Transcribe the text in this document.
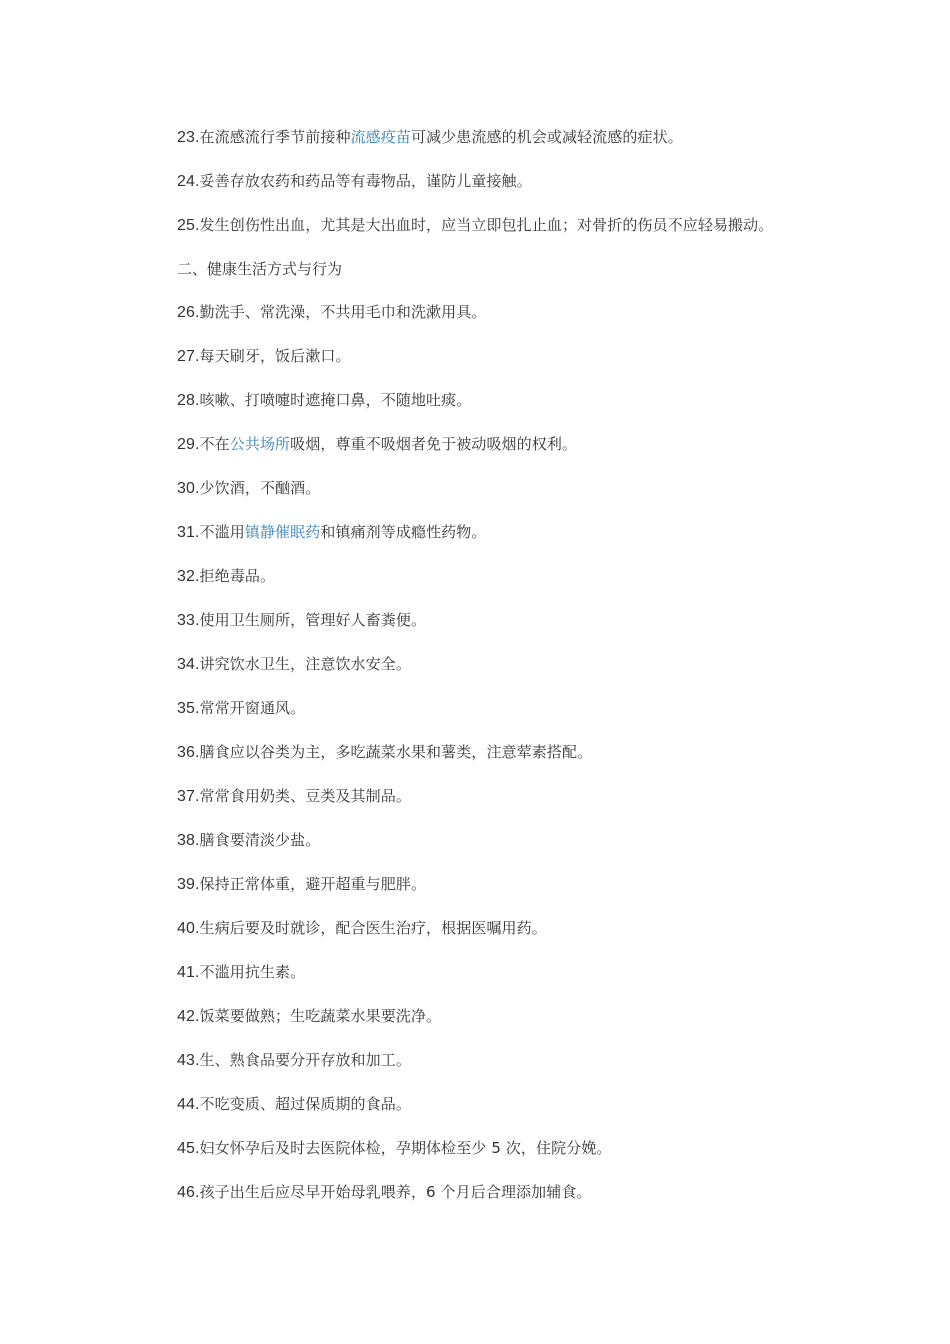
23.在流感流行季节前接种流感疫苗可减少患流感的机会或减轻流感的症状。

24.妥善存放农药和药品等有毒物品，谨防儿童接触。

25.发生创伤性出血，尤其是大出血时，应当立即包扎止血；对骨折的伤员不应轻易搬动。

二、健康生活方式与行为

26.勤洗手、常洗澡，不共用毛巾和洗漱用具。

27.每天刷牙，饭后漱口。

28.咳嗽、打喷嚏时遮掩口鼻，不随地吐痰。

29.不在公共场所吸烟，尊重不吸烟者免于被动吸烟的权利。

30.少饮酒，不酗酒。

31.不滥用镇静催眠药和镇痛剂等成瘾性药物。

32.拒绝毒品。

33.使用卫生厕所，管理好人畜粪便。

34.讲究饮水卫生，注意饮水安全。

35.常常开窗通风。

36.膳食应以谷类为主，多吃蔬菜水果和薯类，注意荤素搭配。

37.常常食用奶类、豆类及其制品。

38.膳食要清淡少盐。

39.保持正常体重，避开超重与肥胖。

40.生病后要及时就诊，配合医生治疗，根据医嘱用药。

41.不滥用抗生素。

42.饭菜要做熟；生吃蔬菜水果要洗净。

43.生、熟食品要分开存放和加工。

44.不吃变质、超过保质期的食品。

45.妇女怀孕后及时去医院体检，孕期体检至少 5 次，住院分娩。

46.孩子出生后应尽早开始母乳喂养，6 个月后合理添加辅食。
